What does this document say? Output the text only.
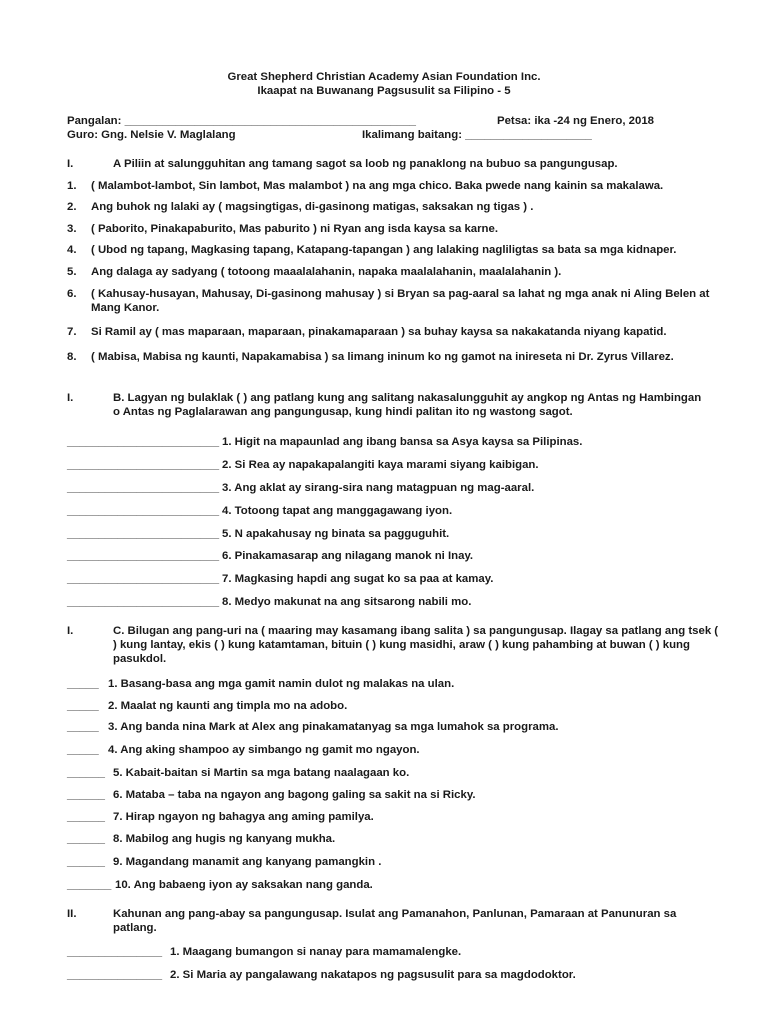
Great Shepherd Christian Academy Asian Foundation Inc.
Ikaapat na Buwanang Pagsusulit sa Filipino - 5
Pangalan: ______________________________________________	Petsa: ika -24 ng Enero, 2018
Guro: Gng. Nelsie V. Maglalang	Ikalimang baitang: ____________________
I.	A Piliin at salungguhitan ang tamang sagot sa loob ng panaklong na bubuo sa pangungusap.
1. ( Malambot-lambot, Sin lambot, Mas malambot ) na ang mga chico. Baka pwede nang kainin sa makalawa.
2. Ang buhok ng lalaki ay ( magsingtigas, di-gasinong matigas, saksakan ng tigas ) .
3. ( Paborito, Pinakapaburito, Mas paburito ) ni Ryan ang isda kaysa sa karne.
4. ( Ubod ng tapang, Magkasing tapang, Katapang-tapangan ) ang lalaking nagliligtas sa bata sa mga kidnaper.
5. Ang dalaga ay sadyang ( totoong maaalalahanin, napaka maalalahanin, maalalahanin ).
6. ( Kahusay-husayan, Mahusay, Di-gasinong mahusay ) si Bryan sa pag-aaral sa lahat ng mga anak ni Aling Belen at Mang Kanor.
7. Si Ramil ay ( mas maparaan, maparaan, pinakamaparaan ) sa buhay kaysa sa nakakatanda niyang kapatid.
8. ( Mabisa, Mabisa ng kaunti, Napakamabisa ) sa limang ininum ko ng gamot na inireseta ni Dr. Zyrus Villarez.
I.	B. Lagyan ng bulaklak ( ) ang patlang kung ang salitang nakasalungguhit ay angkop ng Antas ng Hambingan o Antas ng Paglalarawan ang pangungusap, kung hindi palitan ito ng wastong sagot.
________________________ 1. Higit na mapaunlad ang ibang bansa sa Asya kaysa sa Pilipinas.
________________________ 2. Si Rea ay napakapalangiti kaya marami siyang kaibigan.
________________________ 3. Ang aklat ay sirang-sira nang matagpuan ng mag-aaral.
________________________ 4. Totoong tapat ang manggagawang iyon.
________________________ 5. N apakahusay ng binata sa pagguguhit.
________________________ 6. Pinakamasarap ang nilagang manok ni Inay.
________________________ 7. Magkasing hapdi ang sugat ko sa paa at kamay.
________________________ 8. Medyo makunat na ang sitsarong nabili mo.
I.	C. Bilugan ang pang-uri na ( maaring may kasamang ibang salita ) sa pangungusap. Ilagay sa patlang ang tsek ( ) kung lantay, ekis ( ) kung katamtaman, bituin ( ) kung masidhi, araw ( ) kung pahambing at buwan ( ) kung pasukdol.
_____ 1. Basang-basa ang mga gamit namin dulot ng malakas na ulan.
_____ 2. Maalat ng kaunti ang timpla mo na adobo.
_____ 3. Ang banda nina Mark at Alex ang pinakamatanyag sa mga lumahok sa programa.
_____ 4. Ang aking shampoo ay simbango ng gamit mo ngayon.
______ 5. Kabait-baitan si Martin sa mga batang naalagaan ko.
______ 6. Mataba – taba na ngayon ang bagong galing sa sakit na si Ricky.
______ 7. Hirap ngayon ng bahagya ang aming pamilya.
______ 8. Mabilog ang hugis ng kanyang mukha.
______ 9. Magandang manamit ang kanyang pamangkin .
_______ 10. Ang babaeng iyon ay saksakan nang ganda.
II.	Kahunan ang pang-abay sa pangungusap. Isulat ang Pamanahon, Panlunan, Pamaraan at Panunuran sa patlang.
_______________ 1. Maagang bumangon si nanay para mamamalengke.
_______________ 2. Si Maria ay pangalawang nakatapos ng pagsusulit para sa magdodoktor.
